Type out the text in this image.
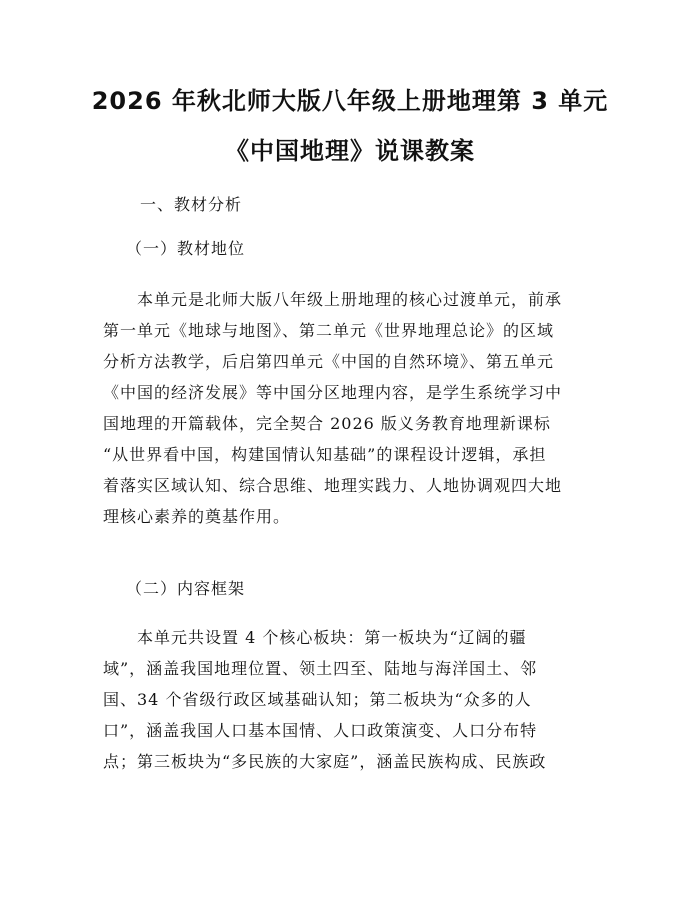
2026 年秋北师大版八年级上册地理第 3 单元
《中国地理》说课教案
一、教材分析
（一）教材地位
本单元是北师大版八年级上册地理的核心过渡单元，前承
第一单元《地球与地图》、第二单元《世界地理总论》的区域
分析方法教学，后启第四单元《中国的自然环境》、第五单元
《中国的经济发展》等中国分区地理内容，是学生系统学习中
国地理的开篇载体，完全契合 2026 版义务教育地理新课标
“从世界看中国，构建国情认知基础”的课程设计逻辑，承担
着落实区域认知、综合思维、地理实践力、人地协调观四大地
理核心素养的奠基作用。
（二）内容框架
本单元共设置 4 个核心板块：第一板块为“辽阔的疆
域”，涵盖我国地理位置、领土四至、陆地与海洋国土、邻
国、34 个省级行政区域基础认知；第二板块为“众多的人
口”，涵盖我国人口基本国情、人口政策演变、人口分布特
点；第三板块为“多民族的大家庭”，涵盖民族构成、民族政
